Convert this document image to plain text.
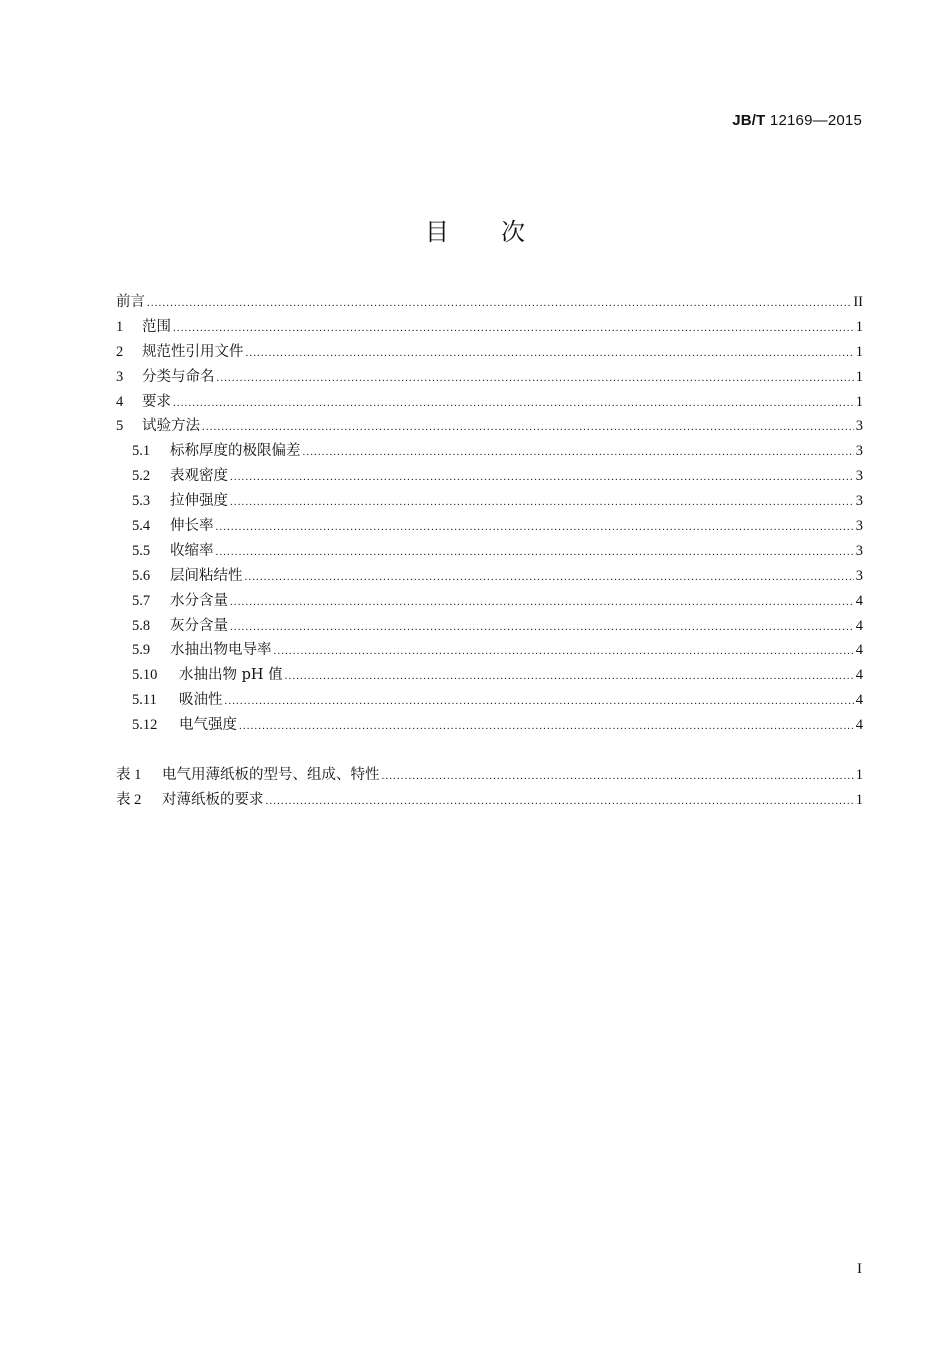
JB/T 12169—2015
目 次
前言 .....	II
1	范围 .....	1
2	规范性引用文件 .....	1
3	分类与命名 .....	1
4	要求 .....	1
5	试验方法 .....	3
5.1	标称厚度的极限偏差 .....	3
5.2	表观密度 .....	3
5.3	拉伸强度 .....	3
5.4	伸长率 .....	3
5.5	收缩率 .....	3
5.6	层间粘结性 .....	3
5.7	水分含量 .....	4
5.8	灰分含量 .....	4
5.9	水抽出物电导率 .....	4
5.10	水抽出物 pH 值 .....	4
5.11	吸油性 .....	4
5.12	电气强度 .....	4
表 1	电气用薄纸板的型号、组成、特性 .....	1
表 2	对薄纸板的要求 .....	1
I
